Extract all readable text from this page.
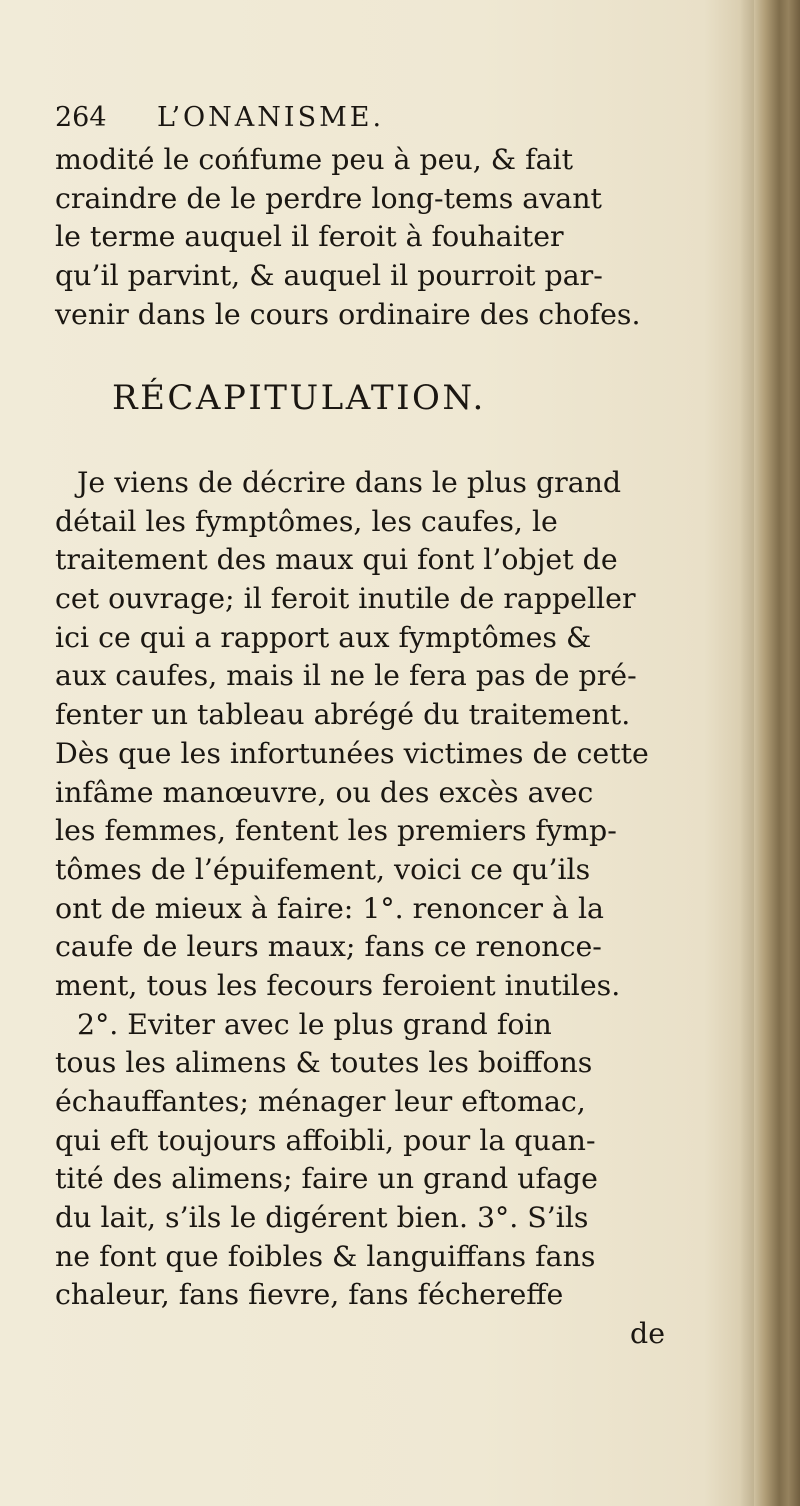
264 L’ONANISME.
modité le cońfume peu à peu, & fait
craindre de le perdre long-tems avant
le terme auquel il feroit à fouhaiter
qu’il parvint, & auquel il pourroit par-
venir dans le cours ordinaire des chofes.
RÉCAPITULATION.
Je viens de décrire dans le plus grand
détail les fymptômes, les caufes, le
traitement des maux qui font l’objet de
cet ouvrage; il feroit inutile de rappeller
ici ce qui a rapport aux fymptômes &
aux caufes, mais il ne le fera pas de pré-
fenter un tableau abrégé du traitement.
Dès que les infortunées victimes de cette
infâme manœuvre, ou des excès avec
les femmes, fentent les premiers fymp-
tômes de l’épuifement, voici ce qu’ils
ont de mieux à faire: 1°. renoncer à la
caufe de leurs maux; fans ce renonce-
ment, tous les fecours feroient inutiles.
2°. Eviter avec le plus grand foin
tous les alimens & toutes les boiffons
échauffantes; ménager leur eftomac,
qui eft toujours affoibli, pour la quan-
tité des alimens; faire un grand ufage
du lait, s’ils le digérent bien. 3°. S’ils
ne font que foibles & languiffans fans
chaleur, fans fievre, fans féchereffe
de
